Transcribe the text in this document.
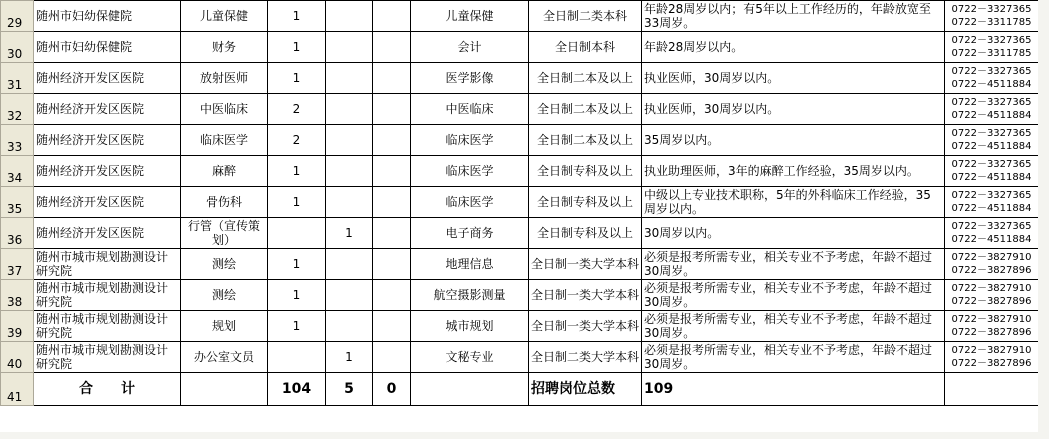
29	随州市妇幼保健院	儿童保健	1			儿童保健	全日制二类本科	年龄28周岁以内；有5年以上工作经历的，年龄放宽至33周岁。	0722－3327365
0722－3311785

30	随州市妇幼保健院	财务	1			会计	全日制本科	年龄28周岁以内。	0722－3327365
0722－3311785

31	随州经济开发区医院	放射医师	1			医学影像	全日制二本及以上	执业医师，30周岁以内。	0722－3327365
0722－4511884

32	随州经济开发区医院	中医临床	2			中医临床	全日制二本及以上	执业医师，30周岁以内。	0722－3327365
0722－4511884

33	随州经济开发区医院	临床医学	2			临床医学	全日制二本及以上	35周岁以内。	0722－3327365
0722－4511884

34	随州经济开发区医院	麻醉	1			临床医学	全日制专科及以上	执业助理医师，3年的麻醉工作经验，35周岁以内。	0722－3327365
0722－4511884

35	随州经济开发区医院	骨伤科	1			临床医学	全日制专科及以上	中级以上专业技术职称，5年的外科临床工作经验，35周岁以内。	0722－3327365
0722－4511884

36	随州经济开发区医院	行管（宣传策划）		1		电子商务	全日制专科及以上	30周岁以内。	0722－3327365
0722－4511884

37	随州市城市规划勘测设计研究院	测绘	1			地理信息	全日制一类大学本科	必须是报考所需专业，相关专业不予考虑，年龄不超过30周岁。	0722－3827910
0722－3827896

38	随州市城市规划勘测设计研究院	测绘	1			航空摄影测量	全日制一类大学本科	必须是报考所需专业，相关专业不予考虑，年龄不超过30周岁。	0722－3827910
0722－3827896

39	随州市城市规划勘测设计研究院	规划	1			城市规划	全日制一类大学本科	必须是报考所需专业，相关专业不予考虑，年龄不超过30周岁。	0722－3827910
0722－3827896

40	随州市城市规划勘测设计研究院	办公室文员		1		文秘专业	全日制二类大学本科	必须是报考所需专业，相关专业不予考虑，年龄不超过30周岁。	0722－3827910
0722－3827896

41	合　　计		104	5	0		招聘岗位总数	109	
